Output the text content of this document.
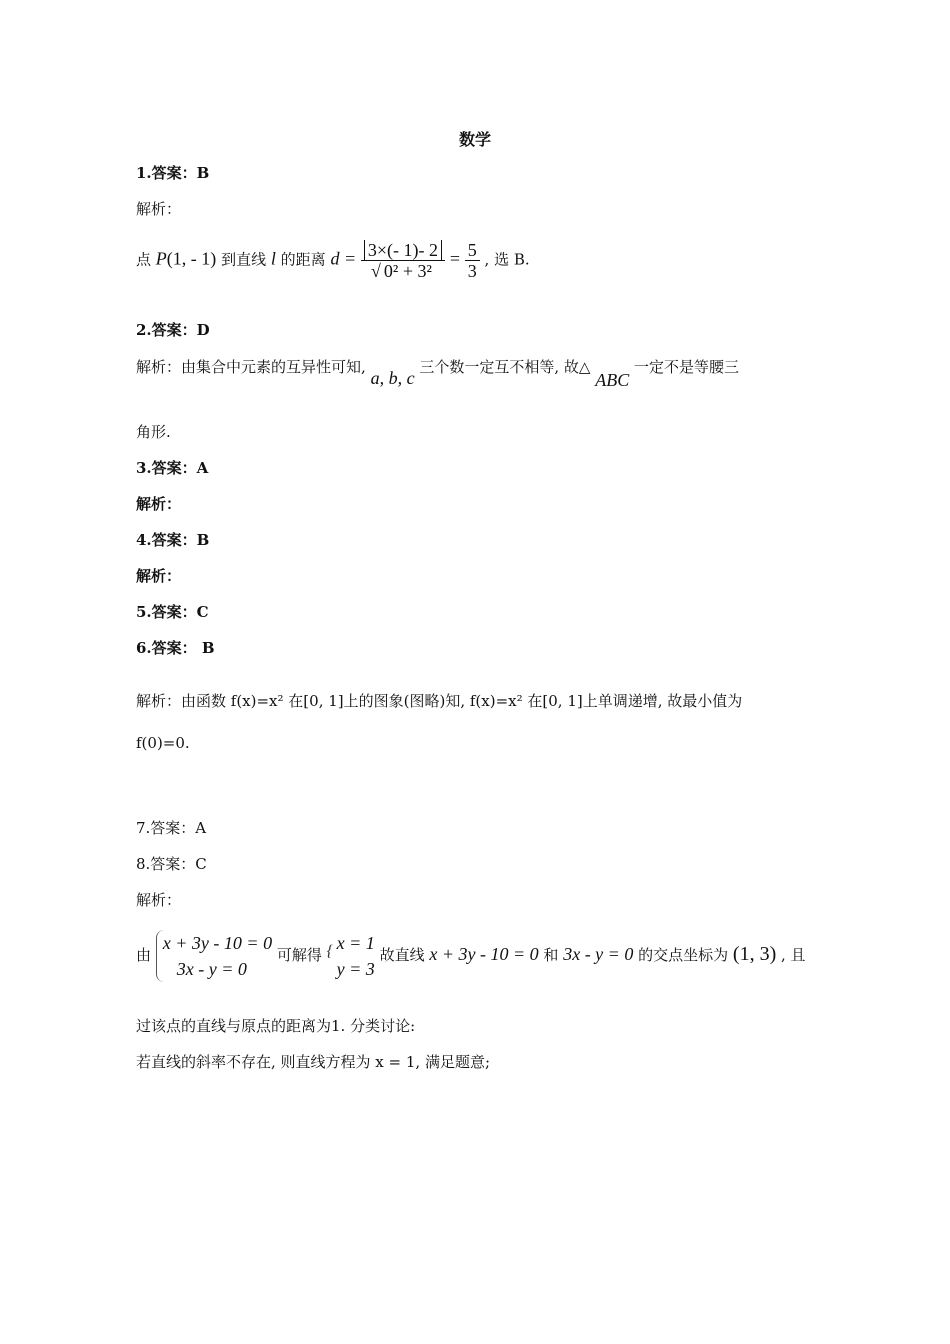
数学
1.答案：B
解析：
点 P(1, - 1) 到直线 l 的距离 $d = \frac{3\times(- 1)- 2}{\text{√ 0² + 3²}} = \frac{5}{3}$ , 选 B.
2.答案：D
解析：由集合中元素的互异性可知, a, b, c 三个数一定互不相等, 故△ ABC 一定不是等腰三
角形.
3.答案：A
解析：
4.答案：B
解析：
5.答案：C
6.答案： B
解析：由函数 f(x)=x² 在[0, 1]上的图象(图略)知, f(x)=x² 在[0, 1]上单调递增, 故最小值为
f(0)=0.
7.答案：A
8.答案：C
解析：
由
x + 3y - 10 = 0
3x - y = 0
可解得
{ x = 1
y = 3
故直线 x + 3y - 10 = 0 和 3x - y = 0 的交点坐标为 (1, 3) , 且
过该点的直线与原点的距离为1. 分类讨论:
若直线的斜率不存在, 则直线方程为 x = 1, 满足题意;
